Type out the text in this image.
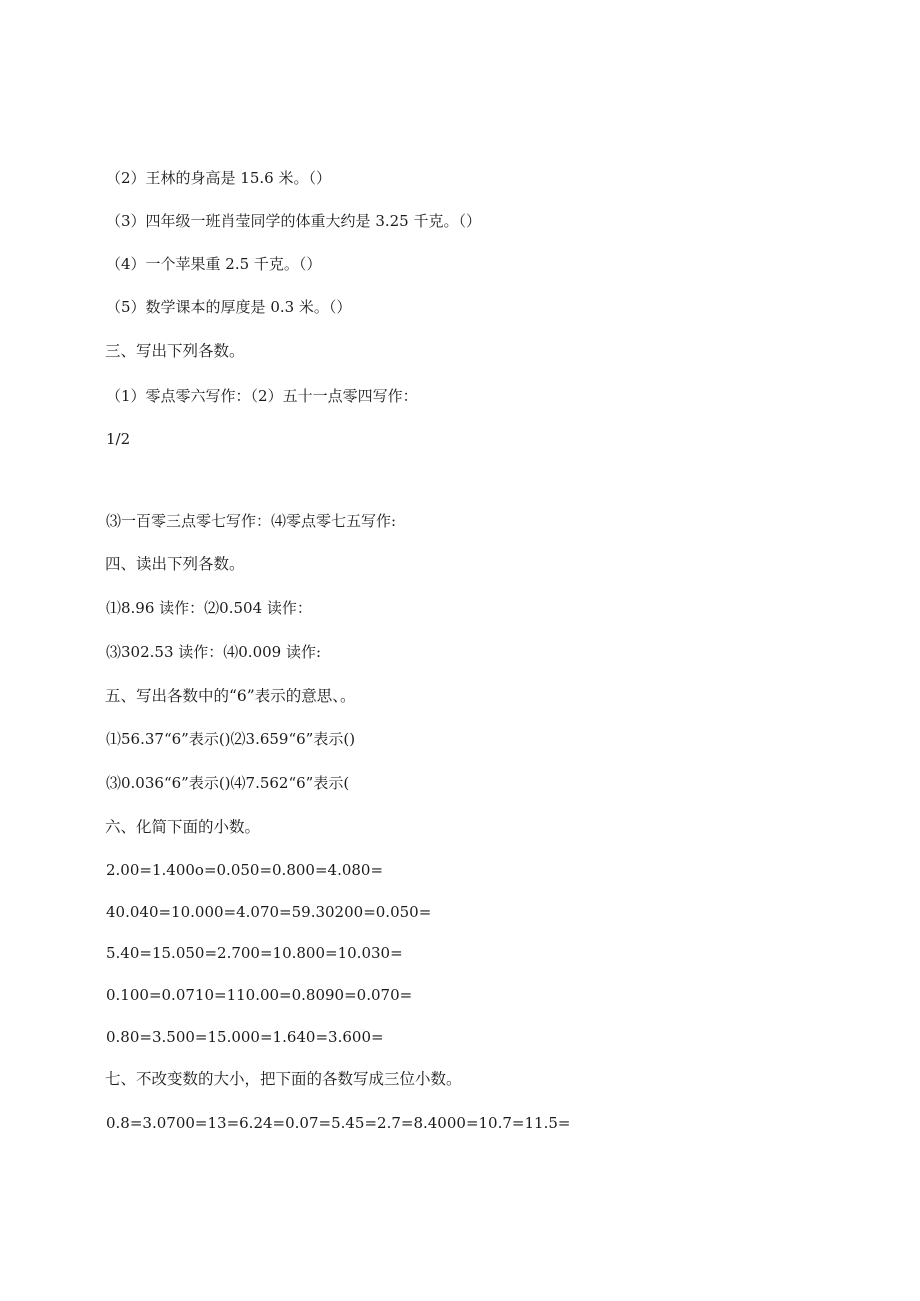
（2）王林的身高是 15.6 米。（）
（3）四年级一班肖莹同学的体重大约是 3.25 千克。（）
（4）一个苹果重 2.5 千克。（）
（5）数学课本的厚度是 0.3 米。（）
三、写出下列各数。
（1）零点零六写作：（2）五十一点零四写作：
1/2
⑶一百零三点零七写作：⑷零点零七五写作:
四、读出下列各数。
⑴8.96 读作：⑵0.504 读作：
⑶302.53 读作：⑷0.009 读作:
五、写出各数中的“6”表示的意思、。
⑴56.37“6”表示()⑵3.659“6”表示()
⑶0.036“6”表示()⑷7.562“6”表示(
六、化简下面的小数。
2.00=1.400o=0.050=0.800=4.080=
40.040=10.000=4.070=59.30200=0.050=
5.40=15.050=2.700=10.800=10.030=
0.100=0.0710=110.00=0.8090=0.070=
0.80=3.500=15.000=1.640=3.600=
七、不改变数的大小，把下面的各数写成三位小数。
0.8=3.0700=13=6.24=0.07=5.45=2.7=8.4000=10.7=11.5=
